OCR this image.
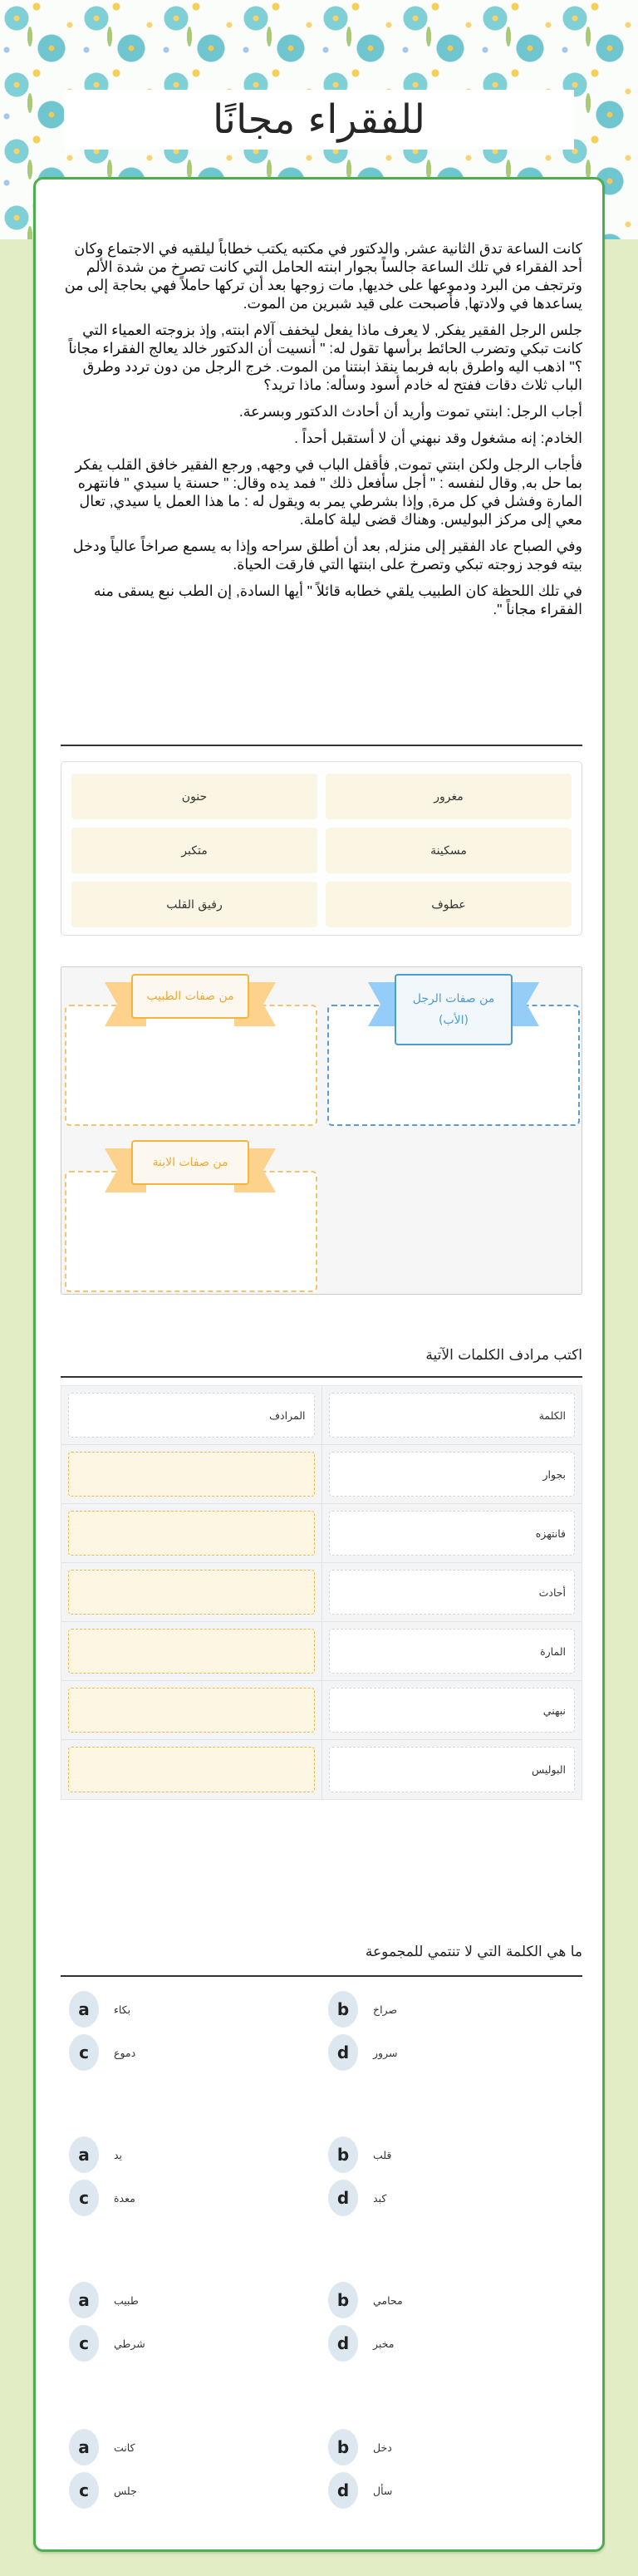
للفقراء مجانًا

كانت الساعة تدق الثانية عشر, والدكتور في مكتبه يكتب خطاباً ليلقيه في الاجتماع وكان أحد الفقراء في تلك الساعة جالساً بجوار ابنته الحامل التي كانت تصرخ من شدة الألم وترتجف من البرد ودموعها على خديها, مات زوجها بعد أن تركها حاملاً فهي بحاجة إلى من يساعدها في ولادتها, فأصبحت على قيد شبرين من الموت.

جلس الرجل الفقير يفكر, لا يعرف ماذا يفعل ليخفف آلام ابنته, وإذ بزوجته العمياء التي كانت تبكي وتضرب الحائط برأسها تقول له: " أنسيت أن الدكتور خالد يعالج الفقراء مجاناً ؟" اذهب اليه واطرق بابه فربما ينقذ ابنتنا من الموت. خرج الرجل من دون تردد وطرق الباب ثلاث دقات ففتح له خادم أسود وسأله: ماذا تريد؟

أجاب الرجل: ابنتي تموت وأريد أن أحادث الدكتور وبسرعة.

الخادم: إنه مشغول وقد نبهني أن لا أستقبل أحداً .

فأجاب الرجل ولكن ابنتي تموت, فأقفل الباب في وجهه, ورجع الفقير خافق القلب يفكر بما حل به, وقال لنفسه : " أجل سأفعل ذلك " فمد يده وقال: " حسنة يا سيدي " فانتهره المارة وفشل في كل مرة, وإذا بشرطي يمر به ويقول له : ما هذا العمل يا سيدي, تعال معي إلى مركز البوليس. وهناك قضى ليلة كاملة.

وفي الصباح عاد الفقير إلى منزله, بعد أن أطلق سراحه وإذا به يسمع صراخاً عالياً ودخل بيته فوجد زوجته تبكي وتصرخ على ابنتها التي فارقت الحياة.

في تلك اللحظة كان الطبيب يلقي خطابه قائلاً " أيها السادة, إن الطب نبع يسقى منه الفقراء مجاناً ".

مغرور
حنون
مسكينة
متكبر
عطوف
رفيق القلب
من صفات الرجل (الأب)
من صفات الطبيب
من صفات الابنة
اكتب مرادف الكلمات الآتية
الكلمة
المرادف
بجوار
فانتهزه
أحادث
المارة
نبهني
البوليس
ما هي الكلمة التي لا تنتمي للمجموعة
a	بكاء	b	صراخ
c	دموع	d	سرور
a	يد	b	قلب
c	معدة	d	كبد
a	طبيب	b	محامي
c	شرطي	d	مخبر
a	كانت	b	دخل
c	جلس	d	سأل
